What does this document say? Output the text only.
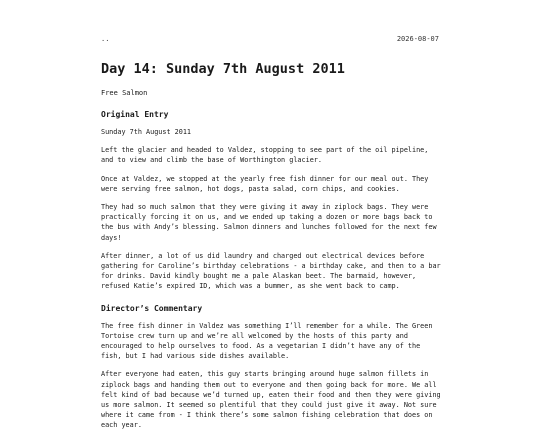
..	2026-08-07
Day 14: Sunday 7th August 2011
Free Salmon
Original Entry

Sunday 7th August 2011

Left the glacier and headed to Valdez, stopping to see part of the oil pipeline,
and to view and climb the base of Worthington glacier.

Once at Valdez, we stopped at the yearly free fish dinner for our meal out. They
were serving free salmon, hot dogs, pasta salad, corn chips, and cookies.

They had so much salmon that they were giving it away in ziplock bags. They were
practically forcing it on us, and we ended up taking a dozen or more bags back to
the bus with Andy’s blessing. Salmon dinners and lunches followed for the next few
days!

After dinner, a lot of us did laundry and charged out electrical devices before
gathering for Caroline’s birthday celebrations - a birthday cake, and then to a bar
for drinks. David kindly bought me a pale Alaskan beet. The barmaid, however,
refused Katie’s expired ID, which was a bummer, as she went back to camp.

Director’s Commentary

The free fish dinner in Valdez was something I’ll remember for a while. The Green
Tortoise crew turn up and we’re all welcomed by the hosts of this party and
encouraged to help ourselves to food. As a vegetarian I didn’t have any of the
fish, but I had various side dishes available.

After everyone had eaten, this guy starts bringing around huge salmon fillets in
ziplock bags and handing them out to everyone and then going back for more. We all
felt kind of bad because we’d turned up, eaten their food and then they were giving
us more salmon. It seemed so plentiful that they could just give it away. Not sure
where it came from - I think there’s some salmon fishing celebration that does on
each year.
